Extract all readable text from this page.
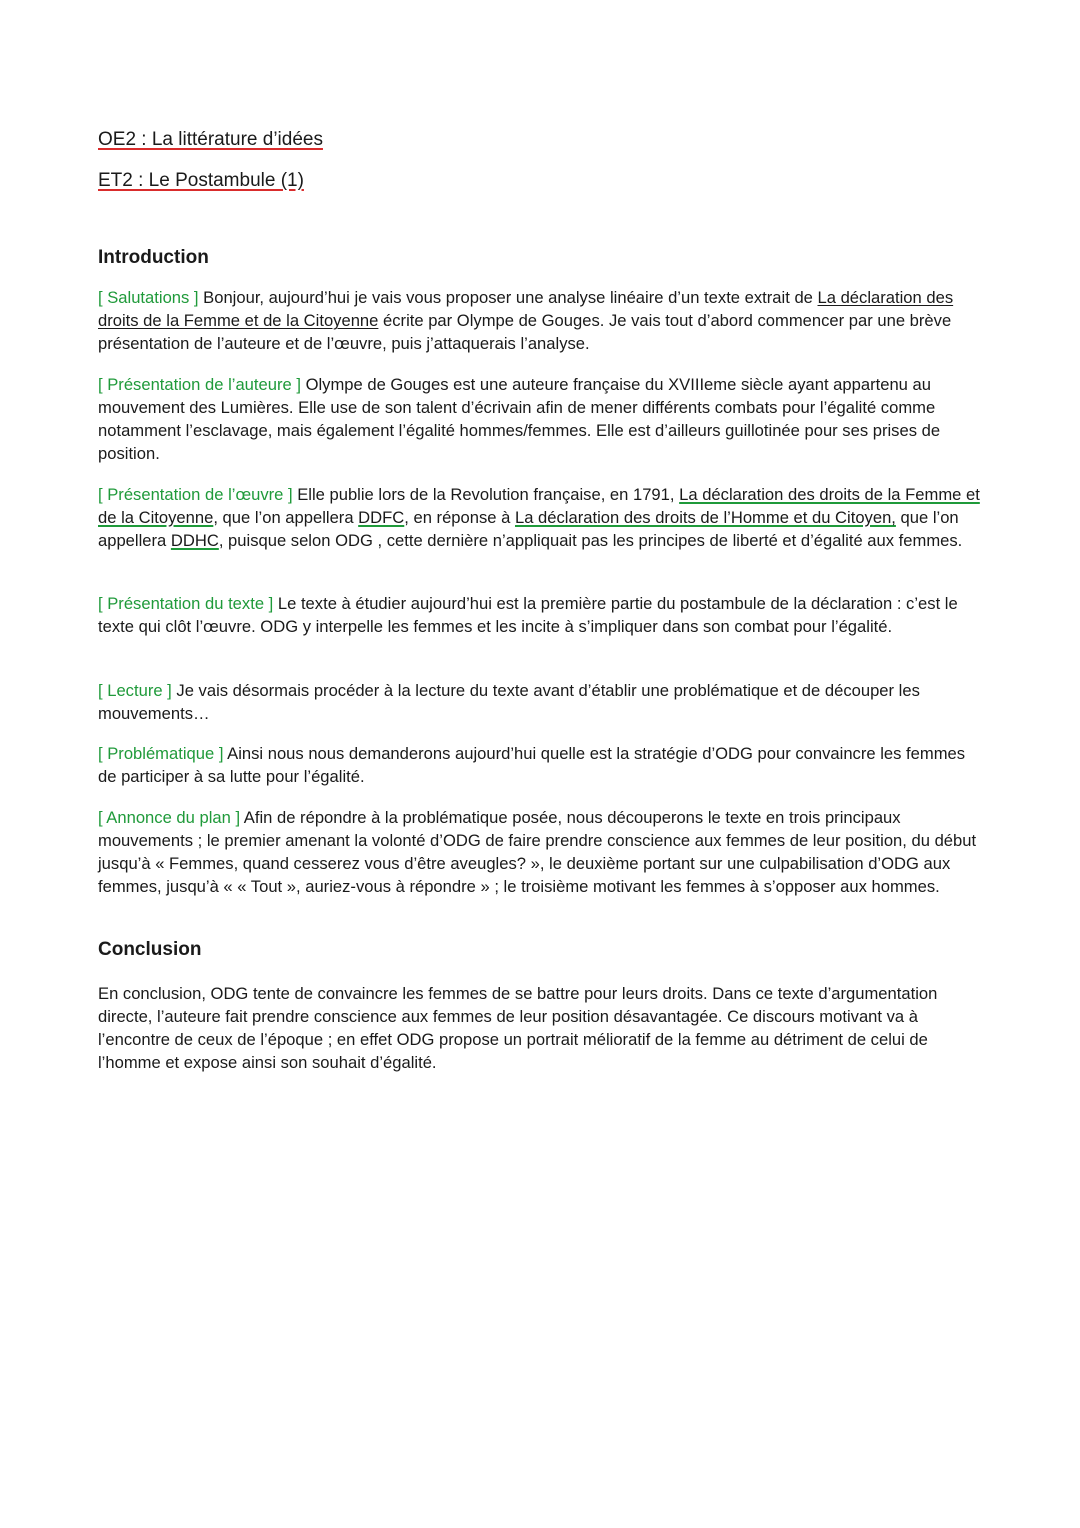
OE2 : La littérature d’idées
ET2 : Le Postambule (1)
Introduction

[ Salutations ] Bonjour, aujourd’hui je vais vous proposer une analyse linéaire d’un texte extrait de La déclaration des droits de la Femme et de la Citoyenne écrite par Olympe de Gouges. Je vais tout d’abord commencer par une brève présentation de l’auteure et de l’œuvre, puis j’attaquerais l’analyse.

[ Présentation de l’auteure ] Olympe de Gouges est une auteure française du XVIIIeme siècle ayant appartenu au mouvement des Lumières. Elle use de son talent d’écrivain afin de mener différents combats pour l’égalité comme notamment l’esclavage, mais également l’égalité hommes/femmes. Elle est d’ailleurs guillotinée pour ses prises de position.

[ Présentation de l’œuvre ] Elle publie lors de la Revolution française, en 1791, La déclaration des droits de la Femme et de la Citoyenne, que l’on appellera DDFC, en réponse à La déclaration des droits de l’Homme et du Citoyen, que l’on appellera DDHC, puisque selon ODG , cette dernière n’appliquait pas les principes de liberté et d’égalité aux femmes.

[ Présentation du texte ] Le texte à étudier aujourd’hui est la première partie du postambule de la déclaration : c’est le texte qui clôt l’œuvre. ODG y interpelle les femmes et les incite à s’impliquer dans son combat pour l’égalité.

[ Lecture ] Je vais désormais procéder à la lecture du texte avant d’établir une problématique et de découper les mouvements…

[ Problématique ] Ainsi nous nous demanderons aujourd’hui quelle est la stratégie d’ODG pour convaincre les femmes de participer à sa lutte pour l’égalité.

[ Annonce du plan ] Afin de répondre à la problématique posée, nous découperons le texte en trois principaux mouvements ; le premier amenant la volonté d’ODG de faire prendre conscience aux femmes de leur position, du début jusqu’à « Femmes, quand cesserez vous d’être aveugles? », le deuxième portant sur une culpabilisation d’ODG aux femmes, jusqu’à « « Tout », auriez-vous à répondre » ; le troisième motivant les femmes à s’opposer aux hommes.

Conclusion

En conclusion, ODG tente de convaincre les femmes de se battre pour leurs droits. Dans ce texte d’argumentation directe, l’auteure fait prendre conscience aux femmes de leur position désavantagée. Ce discours motivant va à l’encontre de ceux de l’époque ; en effet ODG propose un portrait mélioratif de la femme au détriment de celui de l’homme et expose ainsi son souhait d’égalité.
